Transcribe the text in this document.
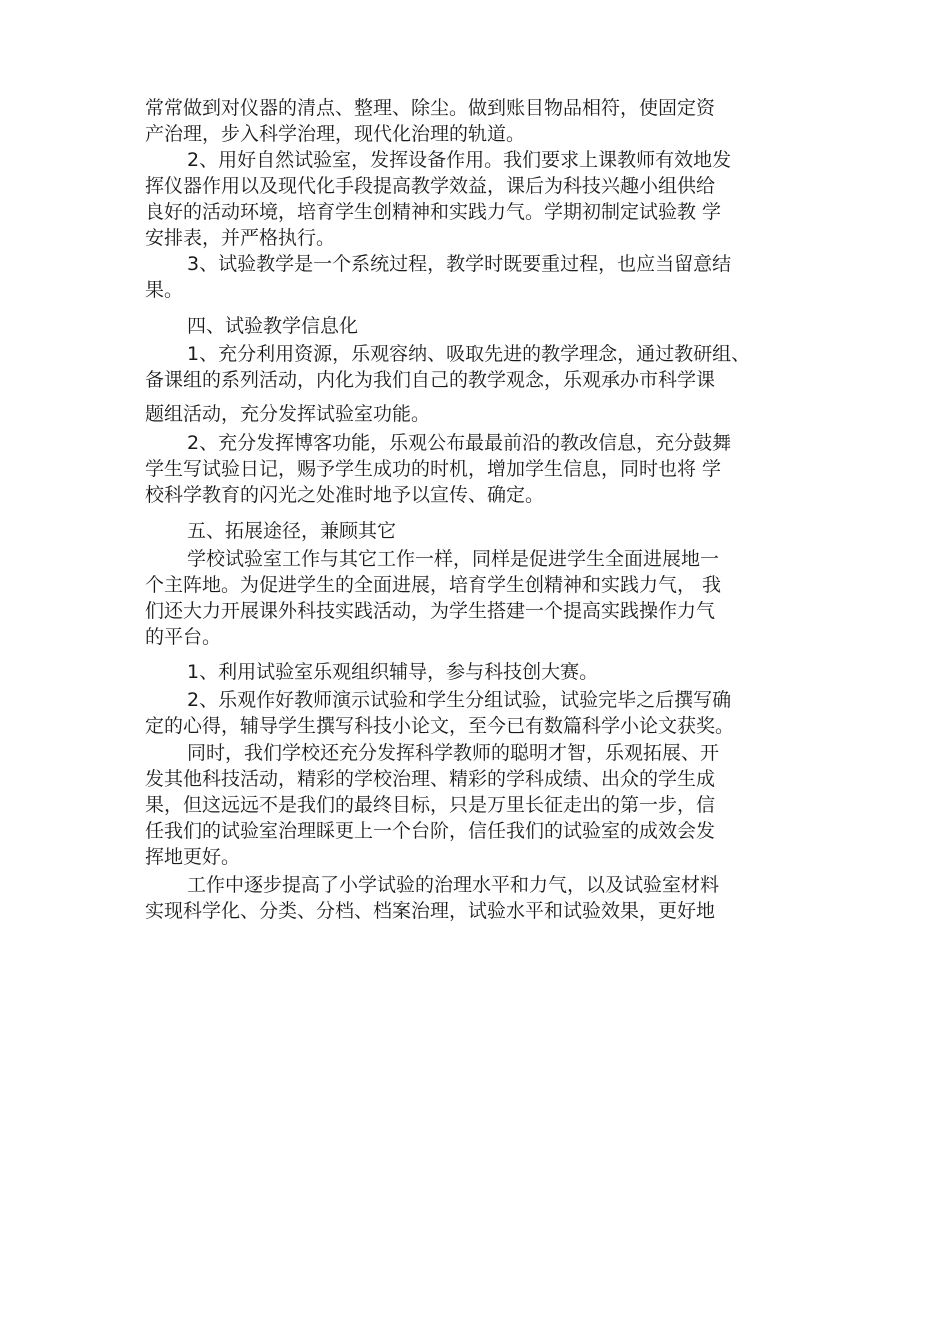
常常做到对仪器的清点、整理、除尘。做到账目物品相符，使固定资
产治理，步入科学治理，现代化治理的轨道。
2、用好自然试验室，发挥设备作用。我们要求上课教师有效地发
挥仪器作用以及现代化手段提高教学效益，课后为科技兴趣小组供给
良好的活动环境，培育学生创精神和实践力气。学期初制定试验教 学
安排表，并严格执行。
3、试验教学是一个系统过程，教学时既要重过程，也应当留意结
果。
四、试验教学信息化
1、充分利用资源，乐观容纳、吸取先进的教学理念，通过教研组、
备课组的系列活动，内化为我们自己的教学观念，乐观承办市科学课
题组活动，充分发挥试验室功能。
2、充分发挥博客功能，乐观公布最最前沿的教改信息，充分鼓舞
学生写试验日记，赐予学生成功的时机，增加学生信息，同时也将 学
校科学教育的闪光之处准时地予以宣传、确定。
五、拓展途径，兼顾其它
学校试验室工作与其它工作一样，同样是促进学生全面进展地一
个主阵地。为促进学生的全面进展，培育学生创精神和实践力气， 我
们还大力开展课外科技实践活动，为学生搭建一个提高实践操作力气
的平台。
1、利用试验室乐观组织辅导，参与科技创大赛。
2、乐观作好教师演示试验和学生分组试验，试验完毕之后撰写确
定的心得，辅导学生撰写科技小论文，至今已有数篇科学小论文获奖。
同时，我们学校还充分发挥科学教师的聪明才智，乐观拓展、开
发其他科技活动，精彩的学校治理、精彩的学科成绩、出众的学生成
果，但这远远不是我们的最终目标，只是万里长征走出的第一步，信
任我们的试验室治理睬更上一个台阶，信任我们的试验室的成效会发
挥地更好。
工作中逐步提高了小学试验的治理水平和力气，以及试验室材料
实现科学化、分类、分档、档案治理，试验水平和试验效果，更好地
